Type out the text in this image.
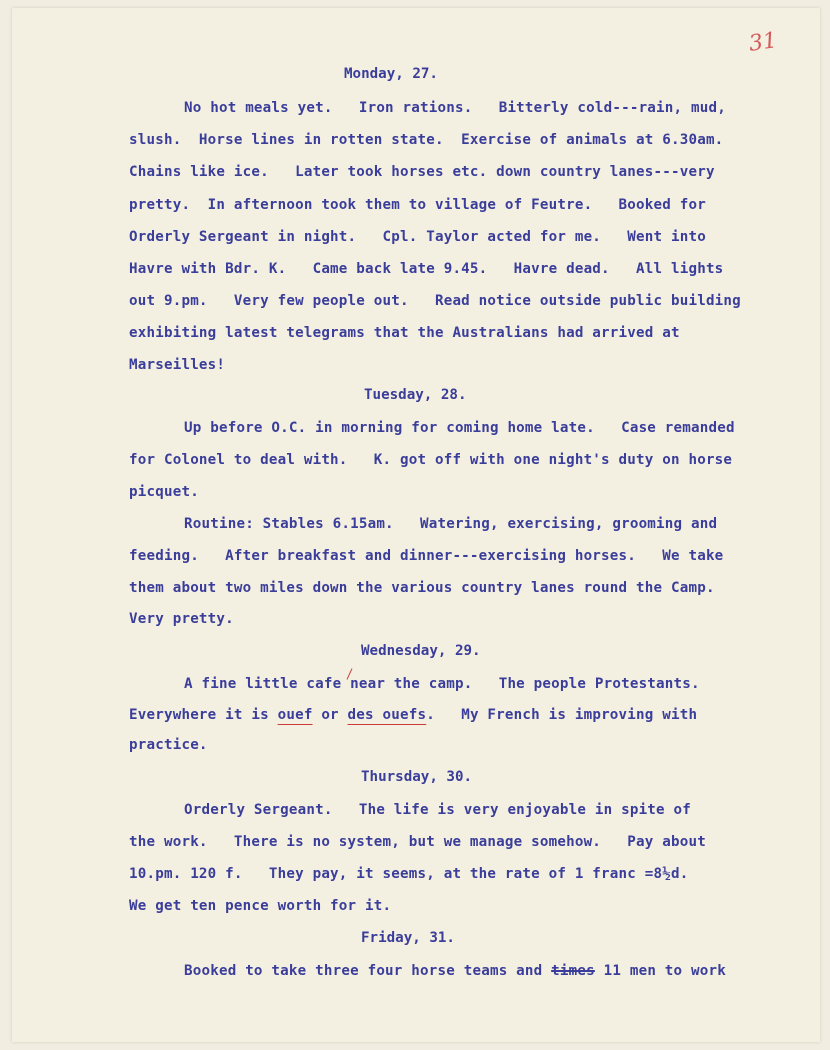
31
Monday, 27.
No hot meals yet.   Iron rations.   Bitterly cold---rain, mud,
slush.  Horse lines in rotten state.  Exercise of animals at 6.30am.
Chains like ice.   Later took horses etc. down country lanes---very
pretty.  In afternoon took them to village of Feutre.   Booked for
Orderly Sergeant in night.   Cpl. Taylor acted for me.   Went into
Havre with Bdr. K.   Came back late 9.45.   Havre dead.   All lights
out 9.pm.   Very few people out.   Read notice outside public building
exhibiting latest telegrams that the Australians had arrived at
Marseilles!
Tuesday, 28.
Up before O.C. in morning for coming home late.   Case remanded
for Colonel to deal with.   K. got off with one night's duty on horse
picquet.
Routine: Stables 6.15am.   Watering, exercising, grooming and
feeding.   After breakfast and dinner---exercising horses.   We take
them about two miles down the various country lanes round the Camp.
Very pretty.
Wednesday, 29.
A fine little cafe near the camp.   The people Protestants.
Everywhere it is ouef or des ouefs.   My French is improving with
practice.
Thursday, 30.
Orderly Sergeant.   The life is very enjoyable in spite of
the work.   There is no system, but we manage somehow.   Pay about
10.pm. 120 f.   They pay, it seems, at the rate of 1 franc =8½d.
We get ten pence worth for it.
Friday, 31.
Booked to take three four horse teams and times 11 men to work
